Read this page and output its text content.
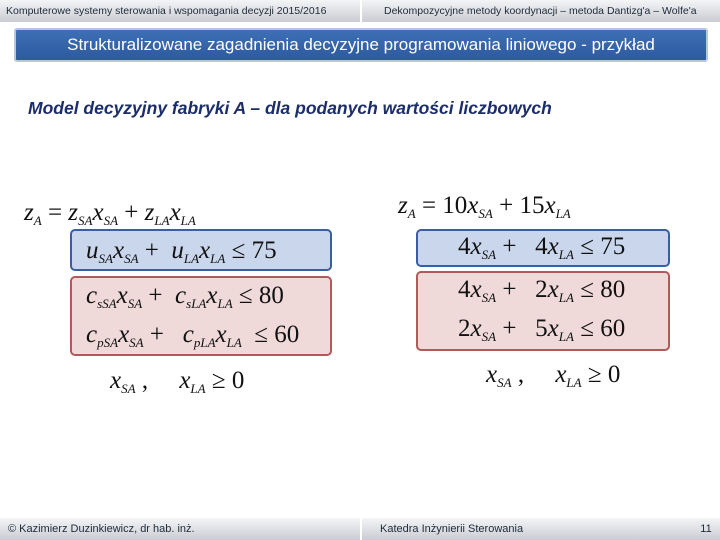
Komputerowe systemy sterowania i wspomagania decyzji 2015/2016	Dekompozycyjne metody koordynacji – metoda Dantizg'a – Wolfe'a
Strukturalizowane zagadnienia decyzyjne programowania liniowego - przykład
Model decyzyjny fabryki A – dla podanych wartości liczbowych
$z_A = z_{SA}x_{SA} + z_{LA}x_{LA}$
$u_{SA}x_{SA} + u_{LA}x_{LA} \le 75$
$c_{sSA}x_{SA} + c_{sLA}x_{LA} \le 80$
$c_{pSA}x_{SA} + c_{pLA}x_{LA} \le 60$
$x_{SA}$ ,     $x_{LA} \ge 0$
$z_A = 10x_{SA} + 15x_{LA}$
$4x_{SA} + 4x_{LA} \le 75$
$4x_{SA} + 2x_{LA} \le 80$
$2x_{SA} + 5x_{LA} \le 60$
$x_{SA}$ ,     $x_{LA} \ge 0$
© Kazimierz Duzinkiewicz, dr hab. inż.	Katedra Inżynierii Sterowania	11
